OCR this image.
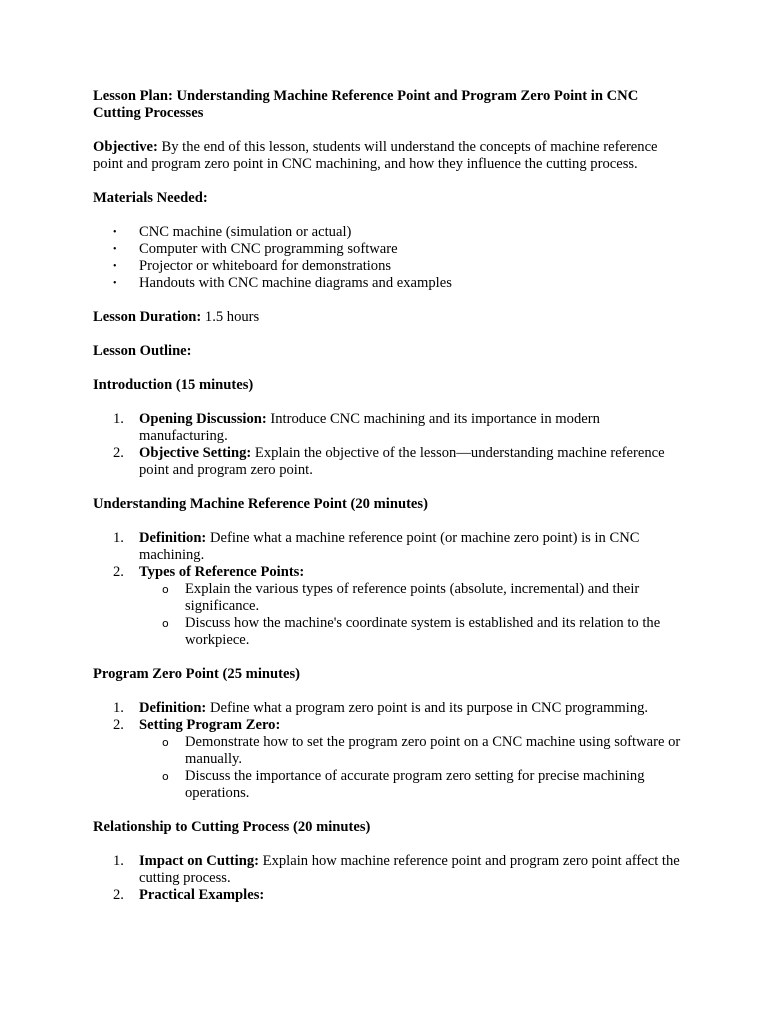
Lesson Plan: Understanding Machine Reference Point and Program Zero Point in CNC Cutting Processes

Objective: By the end of this lesson, students will understand the concepts of machine reference point and program zero point in CNC machining, and how they influence the cutting process.

Materials Needed:

• CNC machine (simulation or actual)
• Computer with CNC programming software
• Projector or whiteboard for demonstrations
• Handouts with CNC machine diagrams and examples

Lesson Duration: 1.5 hours

Lesson Outline:

Introduction (15 minutes)

1. Opening Discussion: Introduce CNC machining and its importance in modern manufacturing.
2. Objective Setting: Explain the objective of the lesson—understanding machine reference point and program zero point.

Understanding Machine Reference Point (20 minutes)

1. Definition: Define what a machine reference point (or machine zero point) is in CNC machining.
2. Types of Reference Points:
o Explain the various types of reference points (absolute, incremental) and their significance.
o Discuss how the machine's coordinate system is established and its relation to the workpiece.

Program Zero Point (25 minutes)

1. Definition: Define what a program zero point is and its purpose in CNC programming.
2. Setting Program Zero:
o Demonstrate how to set the program zero point on a CNC machine using software or manually.
o Discuss the importance of accurate program zero setting for precise machining operations.

Relationship to Cutting Process (20 minutes)

1. Impact on Cutting: Explain how machine reference point and program zero point affect the cutting process.
2. Practical Examples:
